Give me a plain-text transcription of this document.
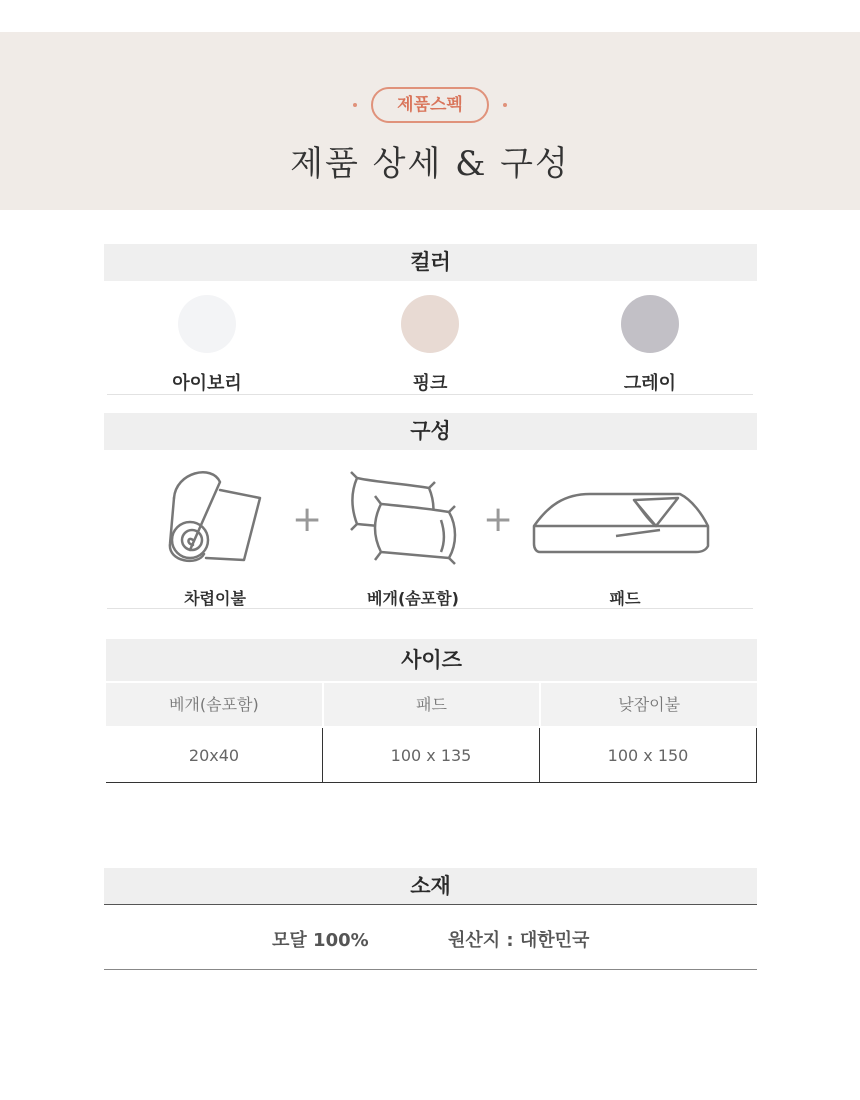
제품스펙
제품 상세 & 구성
컬러
아이보리	핑크	그레이
구성
+	+
차렵이불	베개(솜포함)	패드
사이즈
베개(솜포함)	패드	낮잠이불
20x40	100 x 135	100 x 150
소재
모달 100%	원산지 : 대한민국
